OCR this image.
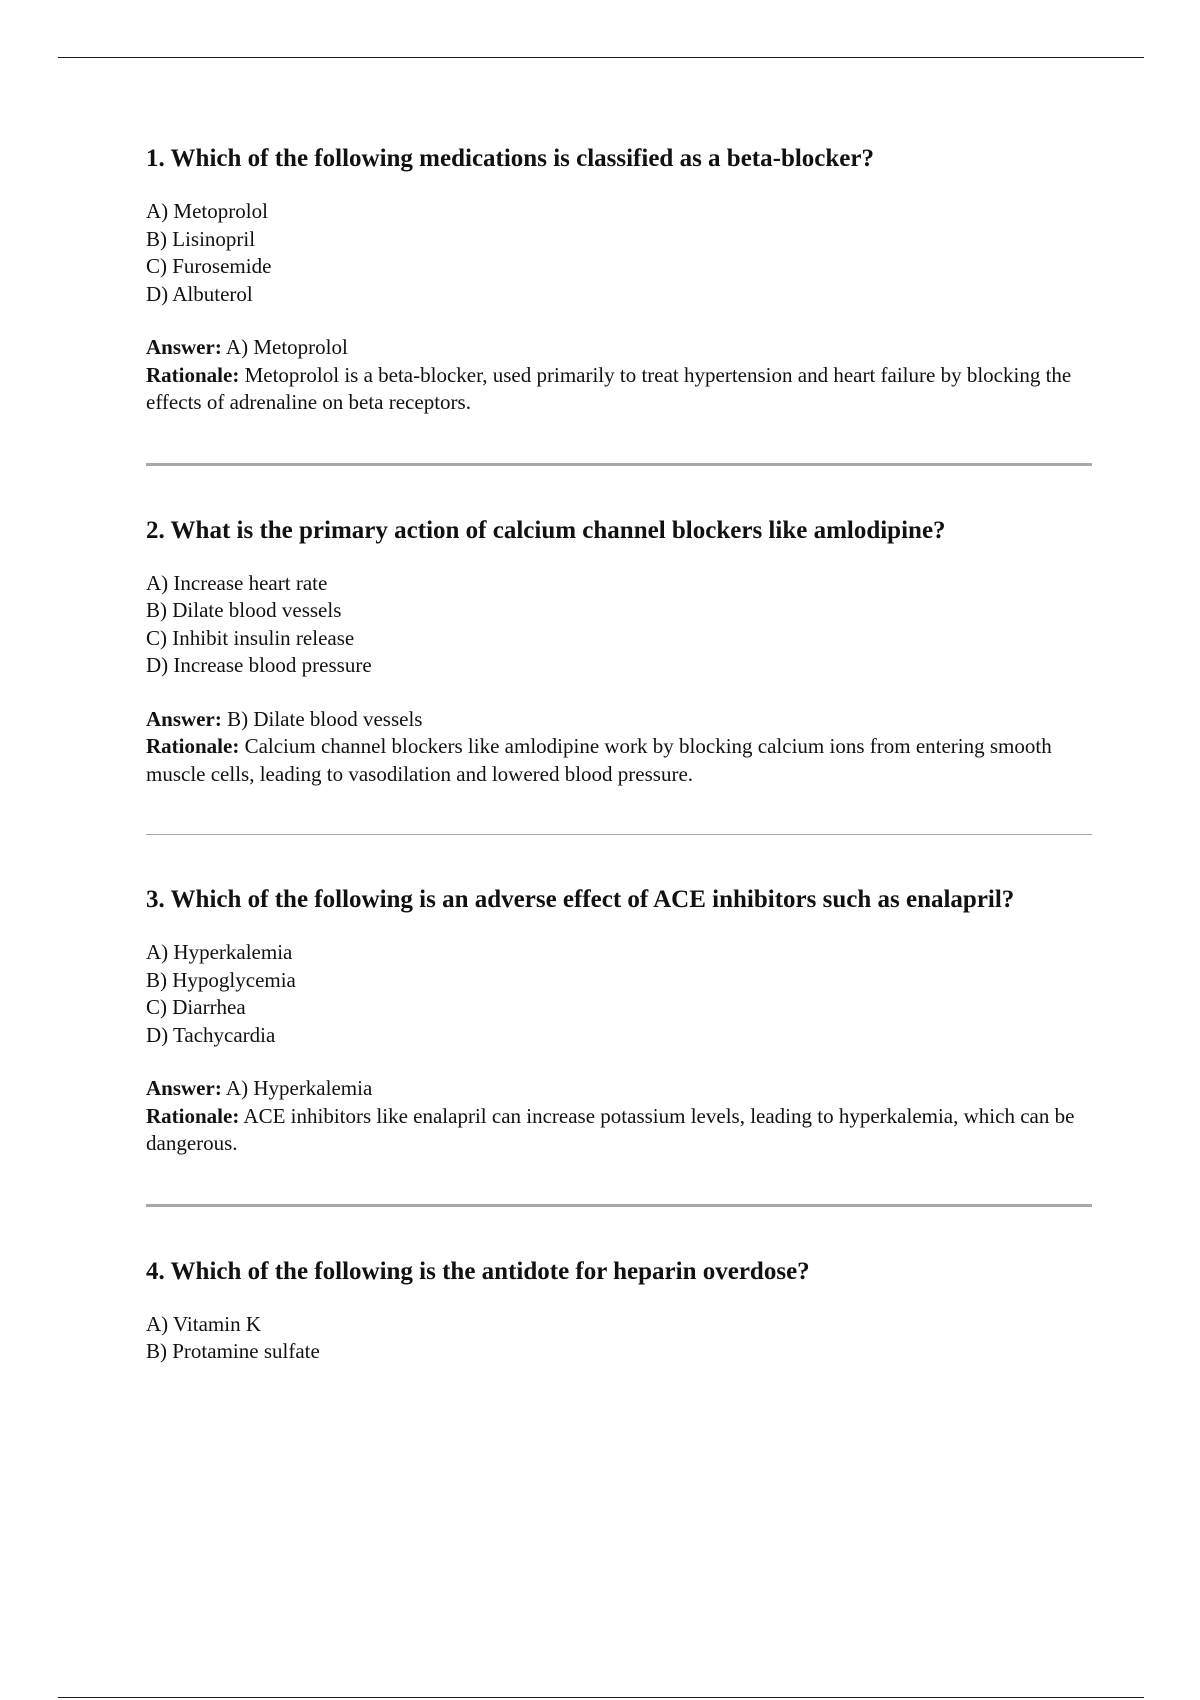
1. Which of the following medications is classified as a beta-blocker?
A) Metoprolol
B) Lisinopril
C) Furosemide
D) Albuterol

Answer: A) Metoprolol

Rationale: Metoprolol is a beta-blocker, used primarily to treat hypertension and heart failure by blocking the effects of adrenaline on beta receptors.

2. What is the primary action of calcium channel blockers like amlodipine?
A) Increase heart rate
B) Dilate blood vessels
C) Inhibit insulin release
D) Increase blood pressure

Answer: B) Dilate blood vessels

Rationale: Calcium channel blockers like amlodipine work by blocking calcium ions from entering smooth muscle cells, leading to vasodilation and lowered blood pressure.

3. Which of the following is an adverse effect of ACE inhibitors such as enalapril?
A) Hyperkalemia
B) Hypoglycemia
C) Diarrhea
D) Tachycardia

Answer: A) Hyperkalemia

Rationale: ACE inhibitors like enalapril can increase potassium levels, leading to hyperkalemia, which can be dangerous.

4. Which of the following is the antidote for heparin overdose?
A) Vitamin K
B) Protamine sulfate
